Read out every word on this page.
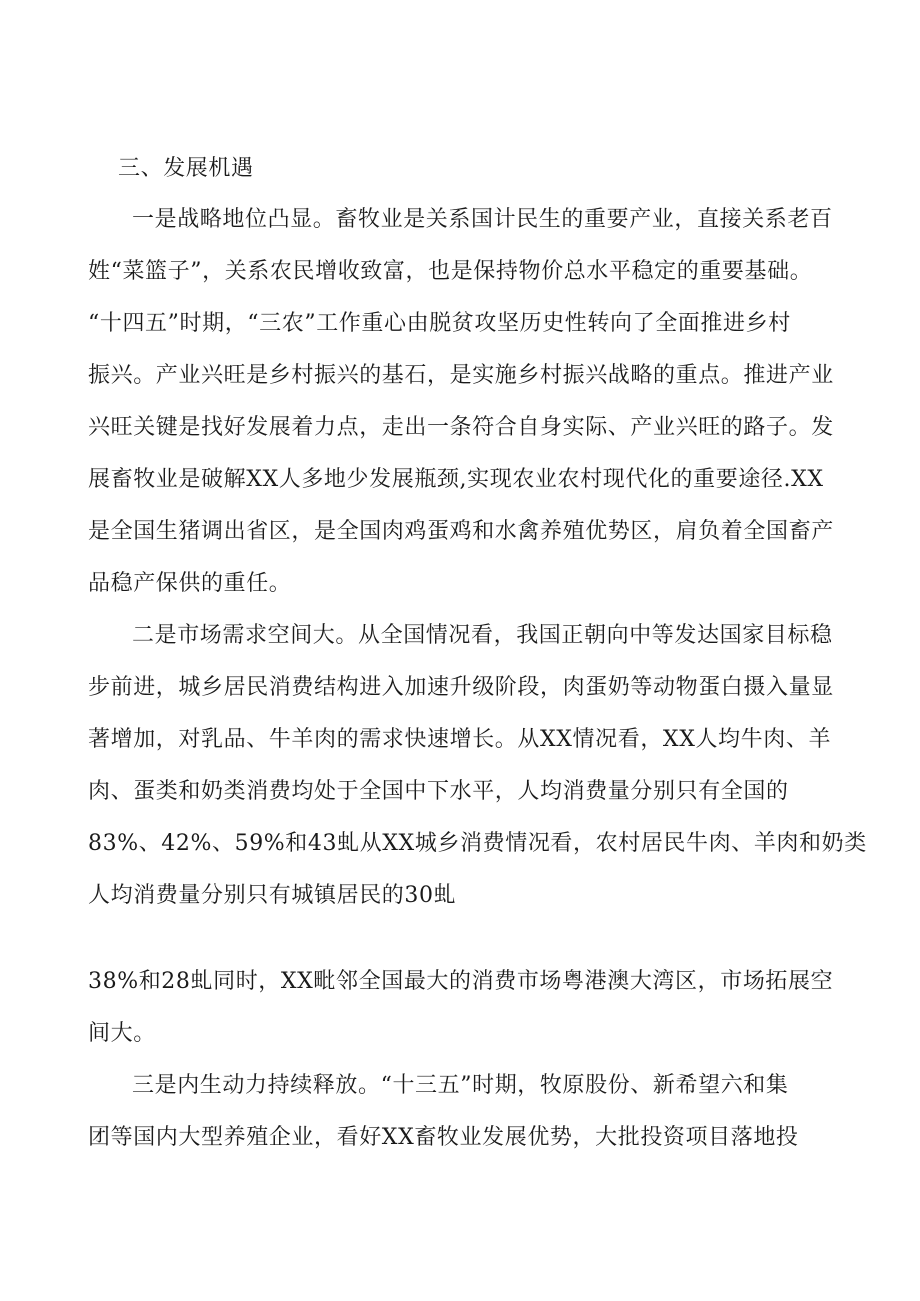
三、发展机遇
一是战略地位凸显。畜牧业是关系国计民生的重要产业，直接关系老百
姓“菜篮子”，关系农民增收致富，也是保持物价总水平稳定的重要基础。
“十四五”时期，“三农”工作重心由脱贫攻坚历史性转向了全面推进乡村
振兴。产业兴旺是乡村振兴的基石，是实施乡村振兴战略的重点。推进产业
兴旺关键是找好发展着力点，走出一条符合自身实际、产业兴旺的路子。发
展畜牧业是破解XX人多地少发展瓶颈,实现农业农村现代化的重要途径.XX
是全国生猪调出省区，是全国肉鸡蛋鸡和水禽养殖优势区，肩负着全国畜产
品稳产保供的重任。
二是市场需求空间大。从全国情况看，我国正朝向中等发达国家目标稳
步前进，城乡居民消费结构进入加速升级阶段，肉蛋奶等动物蛋白摄入量显
著增加，对乳品、牛羊肉的需求快速增长。从XX情况看，XX人均牛肉、羊
肉、蛋类和奶类消费均处于全国中下水平，人均消费量分别只有全国的
83%、42%、59%和43虬从XX城乡消费情况看，农村居民牛肉、羊肉和奶类
人均消费量分别只有城镇居民的30虬
38%和28虬同时，XX毗邻全国最大的消费市场粤港澳大湾区，市场拓展空
间大。
三是内生动力持续释放。“十三五”时期，牧原股份、新希望六和集
团等国内大型养殖企业，看好XX畜牧业发展优势，大批投资项目落地投
